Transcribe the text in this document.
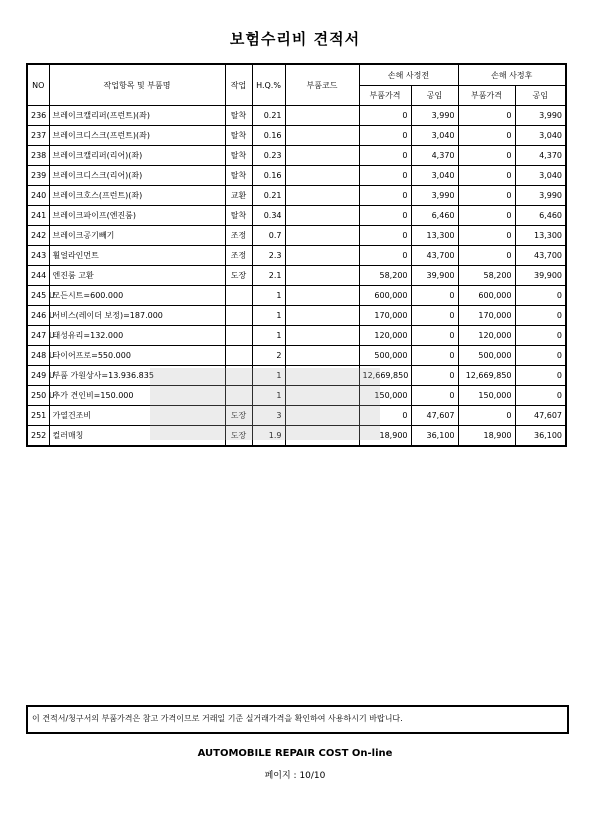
보험수리비 견적서
NO	작업항목 및 부품명	작업	H.Q.%	부품코드	손해 사정전		손해 사정후	
					부품가격	공임	부품가격	공임
236	브레이크캘리퍼(프런트)(좌)	탈착	0.21		0	3,990	0	3,990
237	브레이크디스크(프런트)(좌)	탈착	0.16		0	3,040	0	3,040
238	브레이크캘리퍼(리어)(좌)	탈착	0.23		0	4,370	0	4,370
239	브레이크디스크(리어)(좌)	탈착	0.16		0	3,040	0	3,040
240	브레이크호스(프런트)(좌)	교환	0.21		0	3,990	0	3,990
241	브레이크파이프(엔진룸)	탈착	0.34		0	6,460	0	6,460
242	브레이크공기빼기	조정	0.7		0	13,300	0	13,300
243	휠얼라인먼트	조정	2.3		0	43,700	0	43,700
244	엔진룸 고환	도장	2.1		58,200	39,900	58,200	39,900
245 U	모든시트=600.000		1		600,000	0	600,000	0
246 U	서비스(레이더 보정)=187.000		1		170,000	0	170,000	0
247 U	태성유리=132.000		1		120,000	0	120,000	0
248 U	타이어프로=550.000		2		500,000	0	500,000	0
249 U	부품 가원상사=13.936.835		1		12,669,850	0	12,669,850	0
250 U	추가 견인비=150.000		1		150,000	0	150,000	0
251	가열건조비	도장	3		0	47,607	0	47,607
252	컬러매칭	도장	1.9		18,900	36,100	18,900	36,100
이 견적서/청구서의 부품가격은 참고 가격이므로 거래일 기준 실거래가격을 확인하여 사용하시기 바랍니다.
AUTOMOBILE REPAIR COST On-line
페이지 : 10/10
